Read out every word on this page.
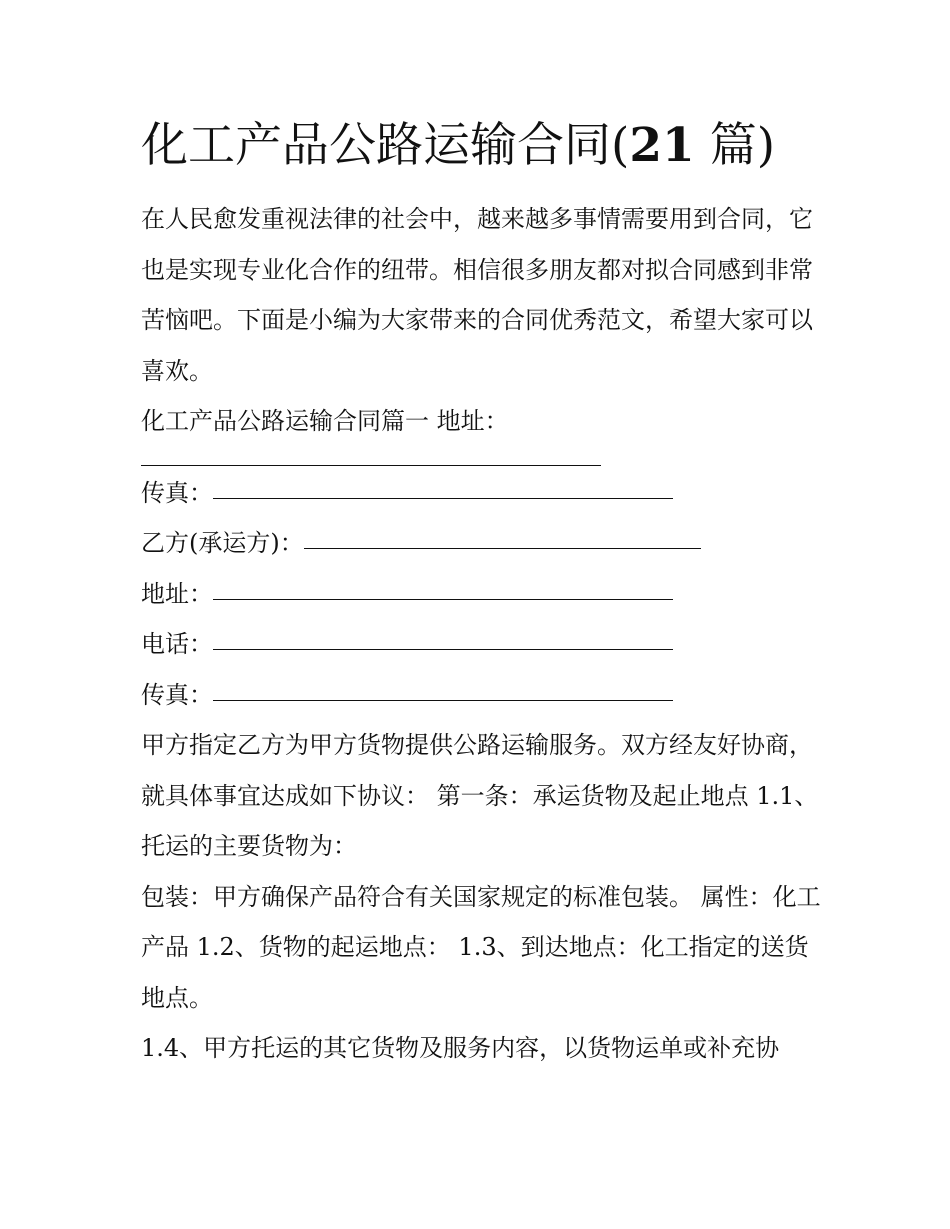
化工产品公路运输合同(21 篇)

在人民愈发重视法律的社会中，越来越多事情需要用到合同，它也是实现专业化合作的纽带。相信很多朋友都对拟合同感到非常苦恼吧。下面是小编为大家带来的合同优秀范文，希望大家可以喜欢。

化工产品公路运输合同篇一 地址：

传真：
乙方(承运方)：
地址：
电话：
传真：

甲方指定乙方为甲方货物提供公路运输服务。双方经友好协商，就具体事宜达成如下协议： 第一条：承运货物及起止地点 1.1、托运的主要货物为：

包装：甲方确保产品符合有关国家规定的标准包装。 属性：化工产品 1.2、货物的起运地点： 1.3、到达地点：化工指定的送货地点。

1.4、甲方托运的其它货物及服务内容，以货物运单或补充协
